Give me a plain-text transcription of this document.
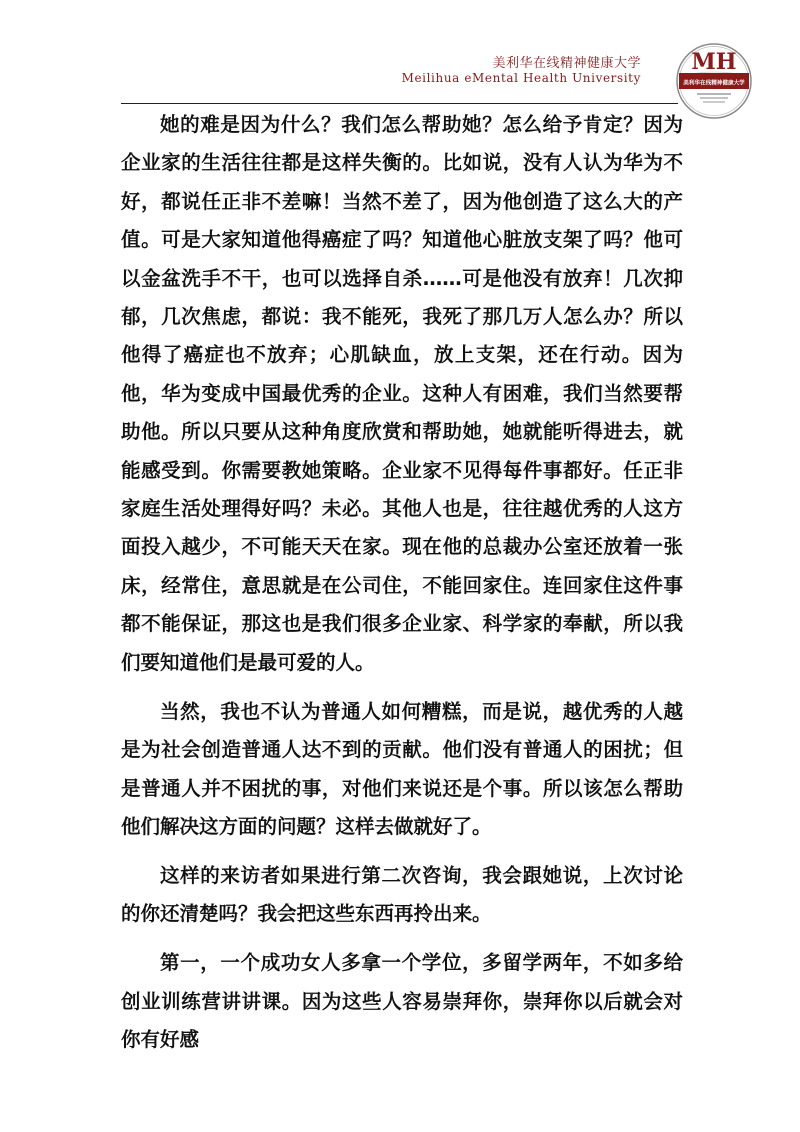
美利华在线精神健康大学
Meilihua eMental Health University
MH
美利华在线精神健康大学

她的难是因为什么？我们怎么帮助她？怎么给予肯定？因为企业家的生活往往都是这样失衡的。比如说，没有人认为华为不好，都说任正非不差嘛！当然不差了，因为他创造了这么大的产值。可是大家知道他得癌症了吗？知道他心脏放支架了吗？他可以金盆洗手不干，也可以选择自杀……可是他没有放弃！几次抑郁，几次焦虑，都说：我不能死，我死了那几万人怎么办？所以他得了癌症也不放弃；心肌缺血，放上支架，还在行动。因为他，华为变成中国最优秀的企业。这种人有困难，我们当然要帮助他。所以只要从这种角度欣赏和帮助她，她就能听得进去，就能感受到。你需要教她策略。企业家不见得每件事都好。任正非家庭生活处理得好吗？未必。其他人也是，往往越优秀的人这方面投入越少，不可能天天在家。现在他的总裁办公室还放着一张床，经常住，意思就是在公司住，不能回家住。连回家住这件事都不能保证，那这也是我们很多企业家、科学家的奉献，所以我们要知道他们是最可爱的人。

当然，我也不认为普通人如何糟糕，而是说，越优秀的人越是为社会创造普通人达不到的贡献。他们没有普通人的困扰；但是普通人并不困扰的事，对他们来说还是个事。所以该怎么帮助他们解决这方面的问题？这样去做就好了。

这样的来访者如果进行第二次咨询，我会跟她说，上次讨论的你还清楚吗？我会把这些东西再拎出来。

第一，一个成功女人多拿一个学位，多留学两年，不如多给创业训练营讲讲课。因为这些人容易崇拜你，崇拜你以后就会对你有好感
